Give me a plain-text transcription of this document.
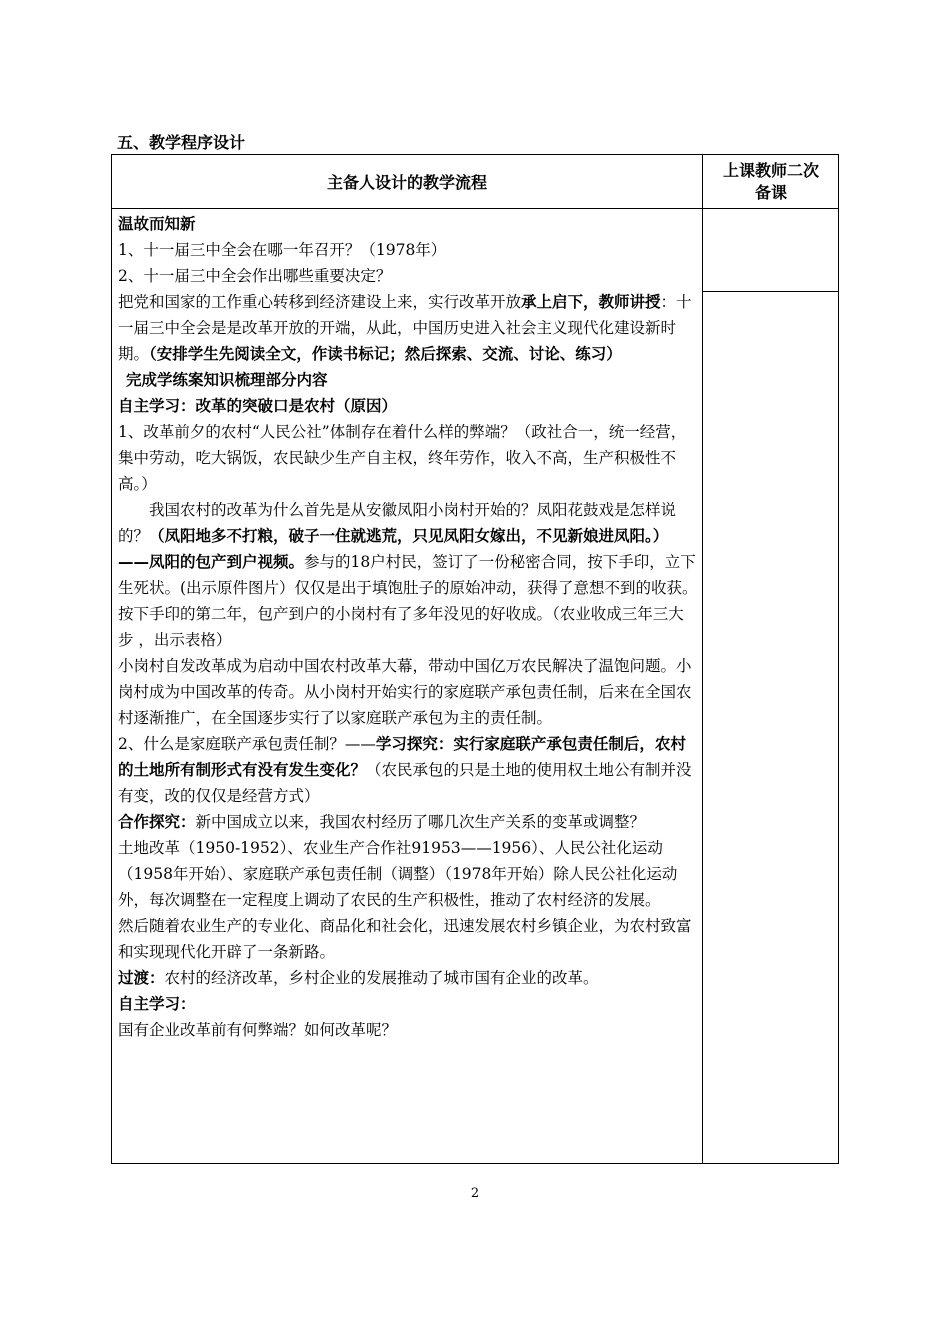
五、教学程序设计
主备人设计的教学流程
上课教师二次
备课

温故而知新

1、十一届三中全会在哪一年召开？（1978年）

2、十一届三中全会作出哪些重要决定？

把党和国家的工作重心转移到经济建设上来，实行改革开放承上启下，教师讲授：十一届三中全会是是改革开放的开端，从此，中国历史进入社会主义现代化建设新时期。（安排学生先阅读全文，作读书标记；然后探索、交流、讨论、练习）

完成学练案知识梳理部分内容

自主学习：改革的突破口是农村（原因）

1、改革前夕的农村“人民公社”体制存在着什么样的弊端？（政社合一，统一经营，集中劳动，吃大锅饭，农民缺少生产自主权，终年劳作，收入不高，生产积极性不高。）

我国农村的改革为什么首先是从安徽凤阳小岗村开始的？凤阳花鼓戏是怎样说的？（凤阳地多不打粮，破子一住就逃荒，只见凤阳女嫁出，不见新娘进凤阳。）——凤阳的包产到户视频。参与的18户村民，签订了一份秘密合同，按下手印，立下生死状。(出示原件图片）仅仅是出于填饱肚子的原始冲动，获得了意想不到的收获。按下手印的第二年，包产到户的小岗村有了多年没见的好收成。（农业收成三年三大步 ，出示表格）

小岗村自发改革成为启动中国农村改革大幕，带动中国亿万农民解决了温饱问题。小岗村成为中国改革的传奇。从小岗村开始实行的家庭联产承包责任制，后来在全国农村逐渐推广，在全国逐步实行了以家庭联产承包为主的责任制。

2、什么是家庭联产承包责任制？——学习探究：实行家庭联产承包责任制后，农村的土地所有制形式有没有发生变化？（农民承包的只是土地的使用权土地公有制并没有变，改的仅仅是经营方式）

合作探究：新中国成立以来，我国农村经历了哪几次生产关系的变革或调整？

土地改革（1950-1952）、农业生产合作社91953——1956）、人民公社化运动（1958年开始）、家庭联产承包责任制（调整）（1978年开始）除人民公社化运动外，每次调整在一定程度上调动了农民的生产积极性，推动了农村经济的发展。

然后随着农业生产的专业化、商品化和社会化，迅速发展农村乡镇企业，为农村致富和实现现代化开辟了一条新路。

过渡：农村的经济改革，乡村企业的发展推动了城市国有企业的改革。

自主学习：

国有企业改革前有何弊端？如何改革呢？

2
